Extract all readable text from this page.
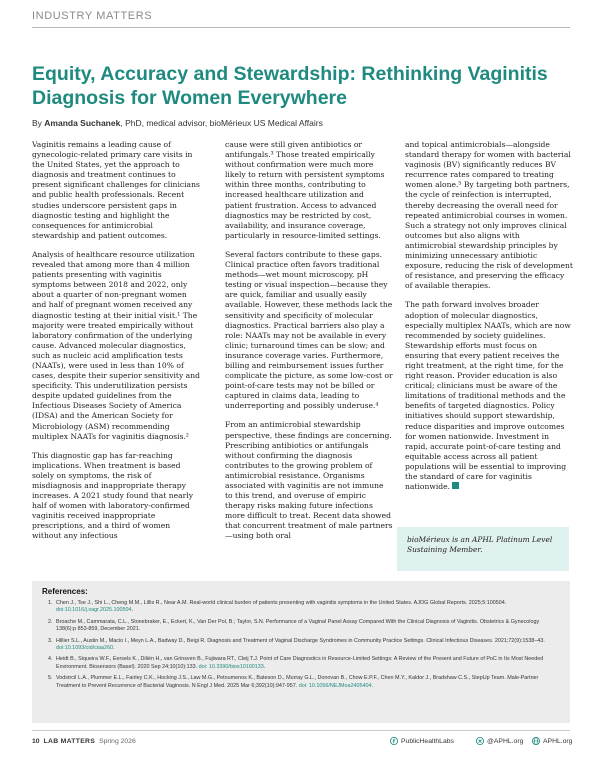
INDUSTRY MATTERS
Equity, Accuracy and Stewardship: Rethinking Vaginitis Diagnosis for Women Everywhere
By Amanda Suchanek, PhD, medical advisor, bioMérieux US Medical Affairs

Vaginitis remains a leading cause of gynecologic-related primary care visits in the United States, yet the approach to diagnosis and treatment continues to present significant challenges for clinicians and public health professionals. Recent studies underscore persistent gaps in diagnostic testing and highlight the consequences for antimicrobial stewardship and patient outcomes.

Analysis of healthcare resource utilization revealed that among more than 4 million patients presenting with vaginitis symptoms between 2018 and 2022, only about a quarter of non-pregnant women and half of pregnant women received any diagnostic testing at their initial visit.¹ The majority were treated empirically without laboratory confirmation of the underlying cause. Advanced molecular diagnostics, such as nucleic acid amplification tests (NAATs), were used in less than 10% of cases, despite their superior sensitivity and specificity. This underutilization persists despite updated guidelines from the Infectious Diseases Society of America (IDSA) and the American Society for Microbiology (ASM) recommending multiplex NAATs for vaginitis diagnosis.²

This diagnostic gap has far-reaching implications. When treatment is based solely on symptoms, the risk of misdiagnosis and inappropriate therapy increases. A 2021 study found that nearly half of women with laboratory-confirmed vaginitis received inappropriate prescriptions, and a third of women without any infectious

cause were still given antibiotics or antifungals.³ Those treated empirically without confirmation were much more likely to return with persistent symptoms within three months, contributing to increased healthcare utilization and patient frustration. Access to advanced diagnostics may be restricted by cost, availability, and insurance coverage, particularly in resource-limited settings.

Several factors contribute to these gaps. Clinical practice often favors traditional methods—wet mount microscopy, pH testing or visual inspection—because they are quick, familiar and usually easily available. However, these methods lack the sensitivity and specificity of molecular diagnostics. Practical barriers also play a role: NAATs may not be available in every clinic; turnaround times can be slow; and insurance coverage varies. Furthermore, billing and reimbursement issues further complicate the picture, as some low-cost or point-of-care tests may not be billed or captured in claims data, leading to underreporting and possibly underuse.⁴

From an antimicrobial stewardship perspective, these findings are concerning. Prescribing antibiotics or antifungals without confirming the diagnosis contributes to the growing problem of antimicrobial resistance. Organisms associated with vaginitis are not immune to this trend, and overuse of empiric therapy risks making future infections more difficult to treat. Recent data showed that concurrent treatment of male partners—using both oral

and topical antimicrobials—alongside standard therapy for women with bacterial vaginosis (BV) significantly reduces BV recurrence rates compared to treating women alone.⁵ By targeting both partners, the cycle of reinfection is interrupted, thereby decreasing the overall need for repeated antimicrobial courses in women. Such a strategy not only improves clinical outcomes but also aligns with antimicrobial stewardship principles by minimizing unnecessary antibiotic exposure, reducing the risk of development of resistance, and preserving the efficacy of available therapies.

The path forward involves broader adoption of molecular diagnostics, especially multiplex NAATs, which are now recommended by society guidelines. Stewardship efforts must focus on ensuring that every patient receives the right treatment, at the right time, for the right reason. Provider education is also critical; clinicians must be aware of the limitations of traditional methods and the benefits of targeted diagnostics. Policy initiatives should support stewardship, reduce disparities and improve outcomes for women nationwide. Investment in rapid, accurate point-of-care testing and equitable access across all patient populations will be essential to improving the standard of care for vaginitis nationwide.

bioMérieux is an APHL Platinum Level Sustaining Member.
References:
1. Chen J., Tse J., Shi L., Cheng M.M., Lillis R., Near A.M. Real-world clinical burden of patients presenting with vaginitis symptoms in the United States. AJOG Global Reports. 2025;5:100504. doi:10.1016/j.xagr.2025.100504.
2. Broache M., Cammarata, C.L., Stonebraker, E., Eckert, K., Van Der Pol, B.; Taylor, S.N. Performance of a Vaginal Panel Assay Compared With the Clinical Diagnosis of Vaginitis. Obstetrics & Gynecology 138(6):p 853-859, December 2021.
3. Hillier S.L., Austin M., Macio I., Meyn L.A., Badway D., Beigi R. Diagnosis and Treatment of Vaginal Discharge Syndromes in Community Practice Settings. Clinical Infectious Diseases. 2021;72(9):1538–43. doi:10.1093/cid/ciaa260.
4. Heidt B., Siqueira W.F., Eersels K., Diliën H., van Grinsven B., Fujiwara RT., Cleij T.J. Point of Care Diagnostics in Resource-Limited Settings: A Review of the Present and Future of PoC in Its Most Needed Environment. Biosensors (Basel). 2020 Sep 24;10(10):133. doi: 10.3390/bios10100133.
5. Vodstrcil L.A., Plummer E.L., Fairley C.K., Hocking J.S., Law M.G., Petoumenos K., Bateson D., Murray G.L., Donovan B., Chow E.P.F., Chen M.Y., Kaldor J., Bradshaw C.S., StepUp Team. Male-Partner Treatment to Prevent Recurrence of Bacterial Vaginosis. N Engl J Med. 2025 Mar 6;392(10):947-957. doi: 10.1056/NEJMoa2405404.
10 LAB MATTERS Spring 2026	PublicHealthLabs	@APHL.org	APHL.org
